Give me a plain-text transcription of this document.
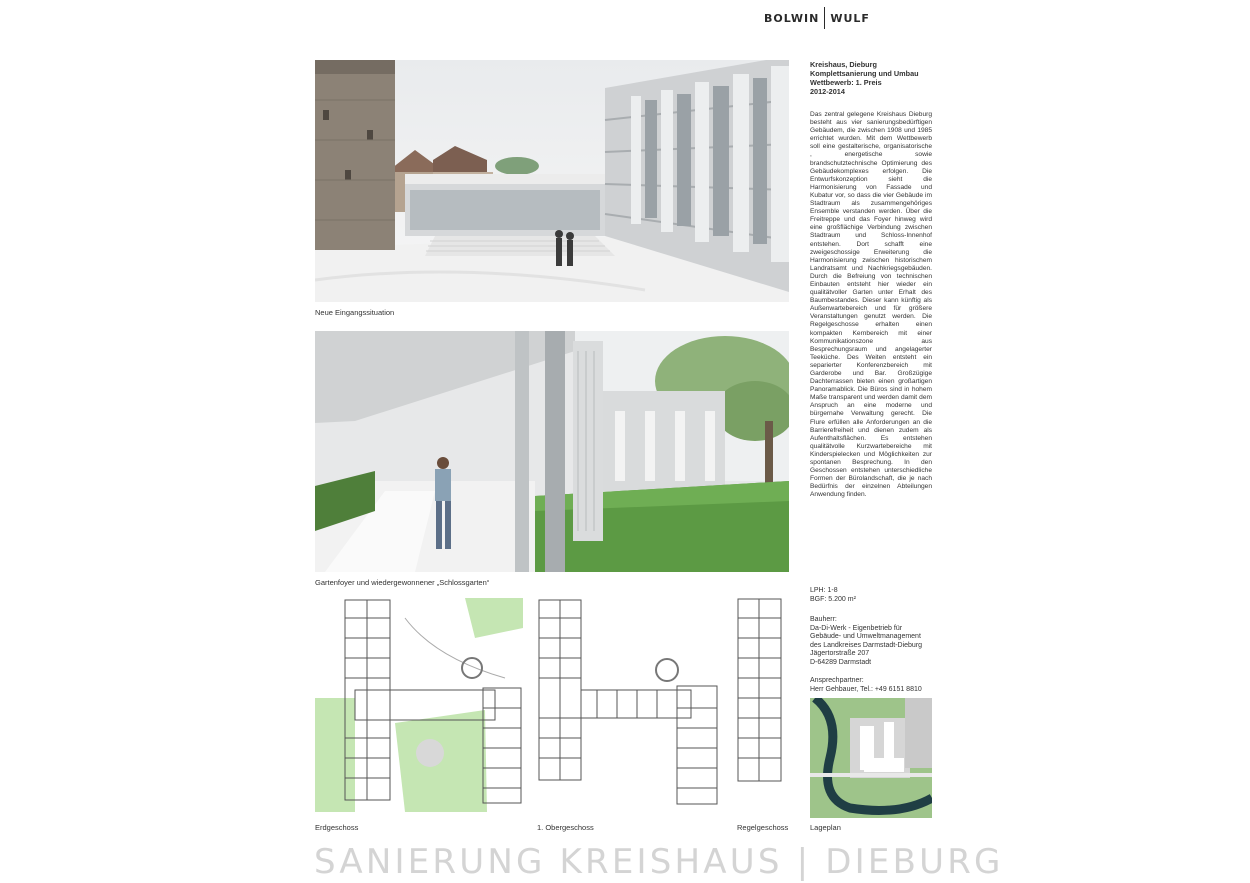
BOLWIN WULF
Neue Eingangssituation
Gartenfoyer und wiedergewonnener „Schlossgarten“
Erdgeschoss	1. Obergeschoss	Regelgeschoss	Lageplan
Kreishaus, Dieburg
Komplettsanierung und Umbau
Wettbewerb: 1. Preis
2012-2014
Das zentral gelegene Kreishaus Dieburg besteht aus vier sanierungsbedürftigen Gebäudem, die zwischen 1908 und 1985 errichtet wurden. Mit dem Wettbewerb soll eine gestalterische, organisatorische , energetische sowie brandschutztechnische Optimierung des Gebäudekomplexes erfolgen. Die Entwurfskonzeption sieht die Harmonisierung von Fassade und Kubatur vor, so dass die vier Gebäude im Stadtraum als zusammengehöriges Ensemble verstanden werden. Über die Freitreppe und das Foyer hinweg wird eine großflächige Verbindung zwischen Stadtraum und Schloss-Innenhof entstehen. Dort schafft eine zweigeschossige Erweiterung die Harmonisierung zwischen historischem Landratsamt und Nachkriegsgebäuden. Durch die Befreiung von technischen Einbauten entsteht hier wieder ein qualitätvoller Garten unter Erhalt des Baumbestandes. Dieser kann künftig als Außenwartebereich und für größere Veranstaltungen genutzt werden. Die Regelgeschosse erhalten einen kompakten Kernbereich mit einer Kommunikationszone aus Besprechungsraum und angelagerter Teeküche. Des Weiten entsteht ein separierter Konferenzbereich mit Garderobe und Bar. Großzügige Dachterrassen bieten einen großartigen Panoramablick. Die Büros sind in hohem Maße transparent und werden damit dem Anspruch an eine moderne und bürgernahe Verwaltung gerecht. Die Flure erfüllen alle Anforderungen an die Barrierefreiheit und dienen zudem als Aufenthaltsflächen. Es entstehen qualitätvolle Kurzwartebereiche mit Kinderspielecken und Möglichkeiten zur spontanen Besprechung. In den Geschossen entstehen unterschiedliche Formen der Bürolandschaft, die je nach Bedürfnis der einzelnen Abteilungen Anwendung finden.
LPH: 1-8
BGF: 5.200 m²
Bauherr:
Da-Di-Werk - Eigenbetrieb für
Gebäude- und Umweltmanagement
des Landkreises Darmstadt-Dieburg
Jägertorstraße 207
D-64289 Darmstadt
Ansprechpartner:
Herr Gehbauer, Tel.: +49 6151 8810
SANIERUNG KREISHAUS | DIEBURG
